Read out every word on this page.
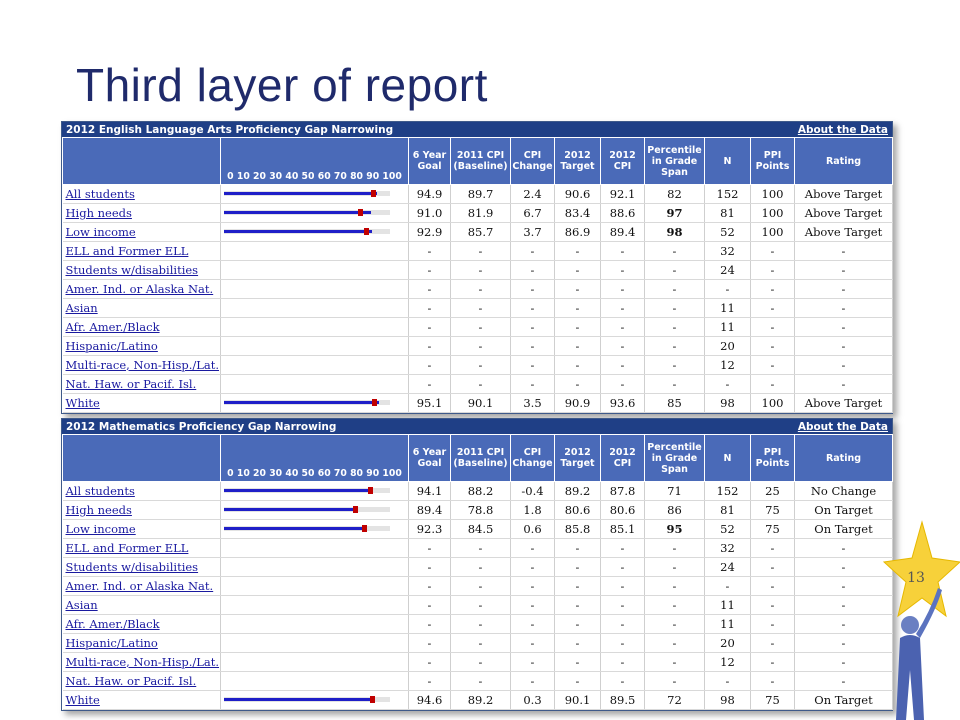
Third layer of report
2012 English Language Arts Proficiency Gap Narrowing	About the Data
	0 10 20 30 40 50 60 70 80 90 100	6 Year Goal	2011 CPI (Baseline)	CPI Change	2012 Target	2012 CPI	Percentile in Grade Span	N	PPI Points	Rating
All students		94.9	89.7	2.4	90.6	92.1	82	152	100	Above Target
High needs		91.0	81.9	6.7	83.4	88.6	97	81	100	Above Target
Low income		92.9	85.7	3.7	86.9	89.4	98	52	100	Above Target
ELL and Former ELL		-	-	-	-	-	-	32	-	-
Students w/disabilities		-	-	-	-	-	-	24	-	-
Amer. Ind. or Alaska Nat.		-	-	-	-	-	-	-	-	-
Asian		-	-	-	-	-	-	11	-	-
Afr. Amer./Black		-	-	-	-	-	-	11	-	-
Hispanic/Latino		-	-	-	-	-	-	20	-	-
Multi-race, Non-Hisp./Lat.		-	-	-	-	-	-	12	-	-
Nat. Haw. or Pacif. Isl.		-	-	-	-	-	-	-	-	-
White		95.1	90.1	3.5	90.9	93.6	85	98	100	Above Target
2012 Mathematics Proficiency Gap Narrowing	About the Data
	0 10 20 30 40 50 60 70 80 90 100	6 Year Goal	2011 CPI (Baseline)	CPI Change	2012 Target	2012 CPI	Percentile in Grade Span	N	PPI Points	Rating
All students		94.1	88.2	-0.4	89.2	87.8	71	152	25	No Change
High needs		89.4	78.8	1.8	80.6	80.6	86	81	75	On Target
Low income		92.3	84.5	0.6	85.8	85.1	95	52	75	On Target
ELL and Former ELL		-	-	-	-	-	-	32	-	-
Students w/disabilities		-	-	-	-	-	-	24	-	-
Amer. Ind. or Alaska Nat.		-	-	-	-	-	-	-	-	-
Asian		-	-	-	-	-	-	11	-	-
Afr. Amer./Black		-	-	-	-	-	-	11	-	-
Hispanic/Latino		-	-	-	-	-	-	20	-	-
Multi-race, Non-Hisp./Lat.		-	-	-	-	-	-	12	-	-
Nat. Haw. or Pacif. Isl.		-	-	-	-	-	-	-	-	-
White		94.6	89.2	0.3	90.1	89.5	72	98	75	On Target
13
